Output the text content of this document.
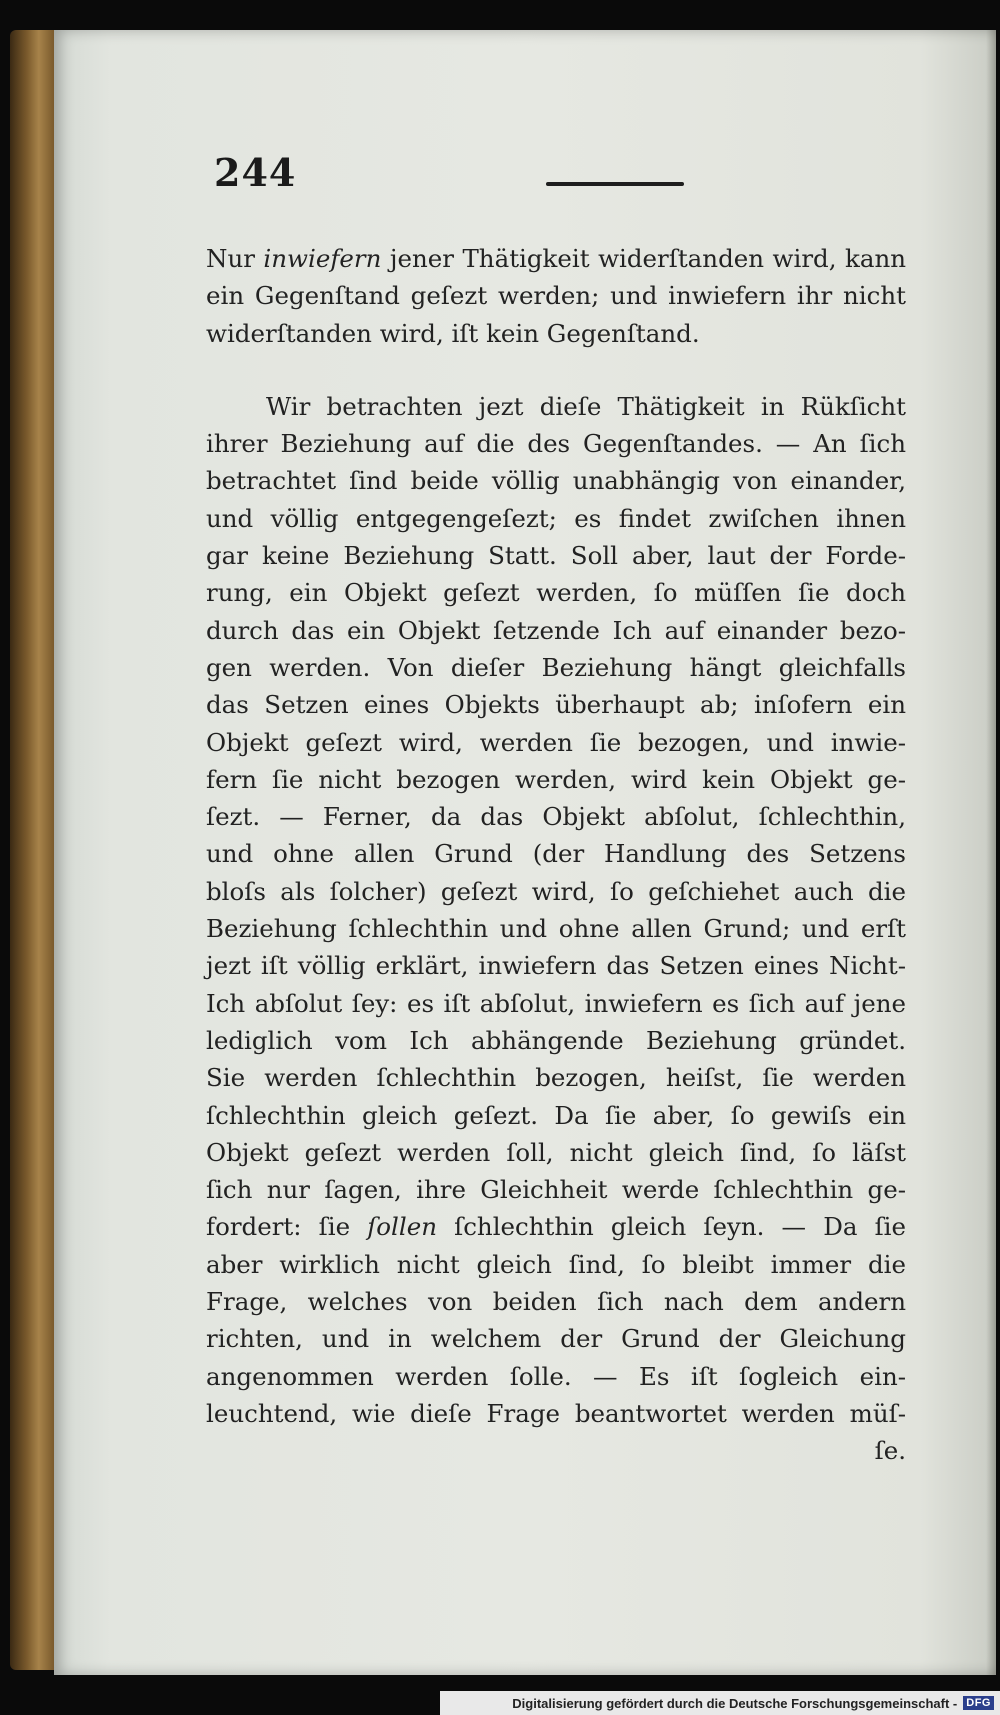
244
Nur inwiefern jener Thätigkeit widerſtanden wird, kann
ein Gegenſtand geſezt werden; und inwiefern ihr nicht
widerſtanden wird, iſt kein Gegenſtand.
Wir betrachten jezt dieſe Thätigkeit in Rükſicht
ihrer Beziehung auf die des Gegenſtandes. — An ſich
betrachtet ſind beide völlig unabhängig von einander,
und völlig entgegengeſezt; es findet zwiſchen ihnen
gar keine Beziehung Statt. Soll aber, laut der Forde-
rung, ein Objekt geſezt werden, ſo müſſen ſie doch
durch das ein Objekt ſetzende Ich auf einander bezo-
gen werden. Von dieſer Beziehung hängt gleichfalls
das Setzen eines Objekts überhaupt ab; inſofern ein
Objekt geſezt wird, werden ſie bezogen, und inwie-
fern ſie nicht bezogen werden, wird kein Objekt ge-
ſezt. — Ferner, da das Objekt abſolut, ſchlechthin,
und ohne allen Grund (der Handlung des Setzens
bloſs als ſolcher) geſezt wird, ſo geſchiehet auch die
Beziehung ſchlechthin und ohne allen Grund; und erſt
jezt iſt völlig erklärt, inwiefern das Setzen eines Nicht-
Ich abſolut ſey: es iſt abſolut, inwiefern es ſich auf jene
lediglich vom Ich abhängende Beziehung gründet.
Sie werden ſchlechthin bezogen, heiſst, ſie werden
ſchlechthin gleich geſezt. Da ſie aber, ſo gewiſs ein
Objekt geſezt werden ſoll, nicht gleich ſind, ſo läſst
ſich nur ſagen, ihre Gleichheit werde ſchlechthin ge-
fordert: ſie ſollen ſchlechthin gleich ſeyn. — Da ſie
aber wirklich nicht gleich ſind, ſo bleibt immer die
Frage, welches von beiden ſich nach dem andern
richten, und in welchem der Grund der Gleichung
angenommen werden ſolle. — Es iſt ſogleich ein-
leuchtend, wie dieſe Frage beantwortet werden müſ-
ſe.
Digitalisierung gefördert durch die Deutsche Forschungsgemeinschaft - DFG
